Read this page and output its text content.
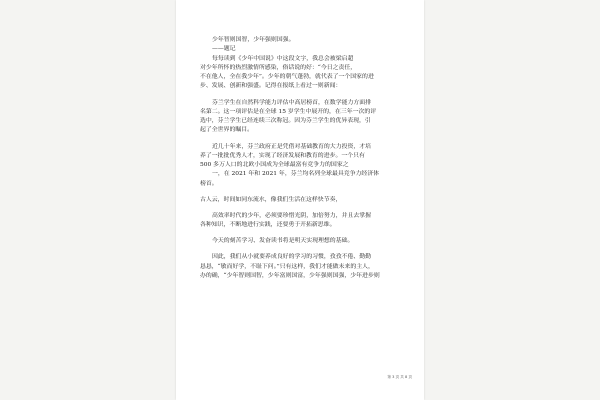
少年智则国智，少年强则国强。
——题记
每每读到《少年中国说》中这段文字，我总会被梁启超
对少年所怀的热烈激情所感染，俗话说的好：“今日之责任，
不在他人，全在我少年”。少年的朝气蓬勃，就代表了一个国家的进
步、发展、创新和强盛。记得在报纸上看过一则新闻：
芬兰学生在自然科学能力评估中高居榜首，在数学能力方面排
名第二。这一项评估是在全球 15 岁学生中展开的，在三年一次的评
选中，芬兰学生已经连续三次称冠。因为芬兰学生的优异表现，引
起了全世界的瞩目。
近几十年来，芬兰政府正是凭借对基础教育的大力投资，才培
养了一批批优秀人才，实现了经济发展和教育的进步。一个只有
500 多万人口的北欧小国成为全球最富有竞争力的国家之
一，在 2021 年和 2021 年，芬兰均名列全球最具竞争力经济体
榜首。
古人云，时间如同东流水，像我们生活在这样快节奏，
高效率时代的少年，必须要珍惜光阴，加倍努力，并且去掌握
各种知识，不断地进行实践，还要勇于开拓新思维。
今天的刻苦学习、发奋读书将是明天实现理想的基础。
因此，我们从小就要养成良好的学习的习惯，孜孜不倦、勤勤
恳恳，“敏而好学，不耻下问。”只有这样，我们才能做未来的主人，
办的确，“少年智则国智，少年富则国富，少年强则国强，少年进步则
第 3 页 共 8 页
